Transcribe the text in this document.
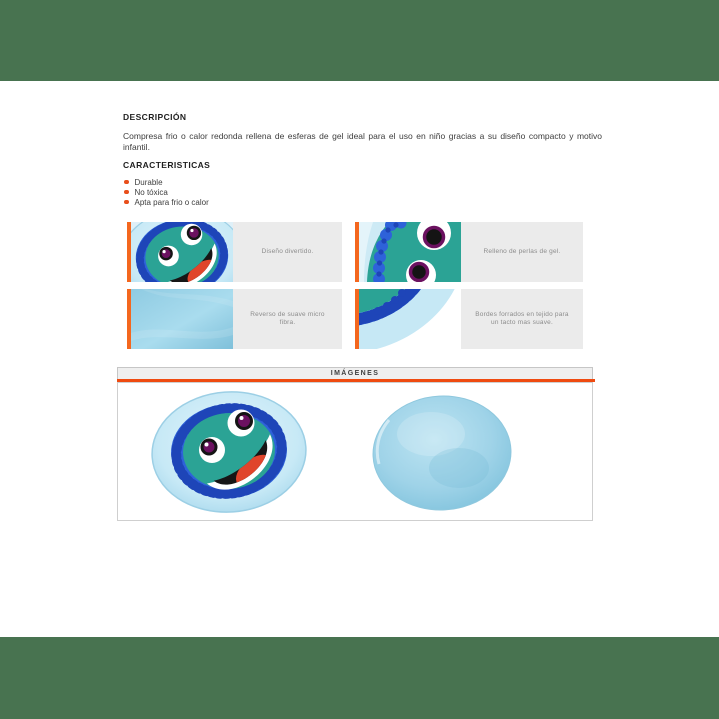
DESCRIPCIÓN

Compresa frio o calor redonda rellena de esferas de gel ideal para el uso en niño gracias a su diseño compacto y motivo infantil.

CARACTERISTICAS
Durable
No tóxica
Apta para frio o calor
Diseño divertido.	Relleno de perlas de gel.
Reverso de suave micro fibra.
Bordes forrados en tejido para un tacto mas suave.
IMÁGENES
